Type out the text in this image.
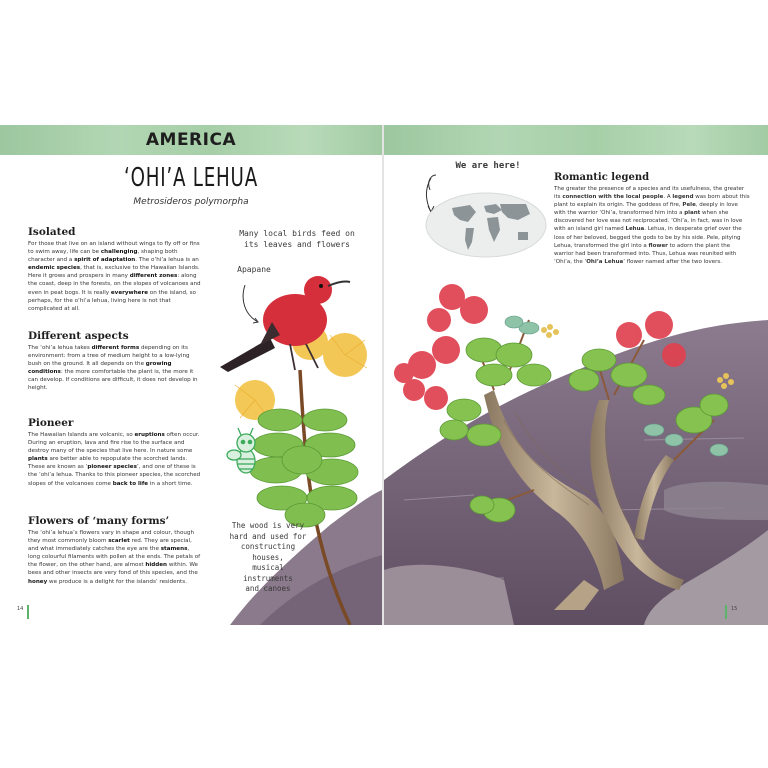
AMERICA
‘OHI’A LEHUA
Metrosideros polymorpha
Isolated

For those that live on an island without wings to fly off or fins to swim away, life can be challenging, shaping both character and a spirit of adaptation. The o’hi’a lehua is an endemic species, that is, exclusive to the Hawaiian Islands. Here it grows and prospers in many different zones: along the coast, deep in the forests, on the slopes of volcanoes and even in peat bogs. It is really everywhere on the island, so perhaps, for the o’hi’a lehua, living here is not that complicated at all.

Different aspects

The ‘ohi’a lehua takes different forms depending on its environment: from a tree of medium height to a low-lying bush on the ground. It all depends on the growing conditions: the more comfortable the plant is, the more it can develop. If conditions are difficult, it does not develop in height.

Pioneer

The Hawaiian Islands are volcanic, so eruptions often occur. During an eruption, lava and fire rise to the surface and destroy many of the species that live here. In nature some plants are better able to repopulate the scorched lands. These are known as ‘pioneer species’, and one of these is the ‘ohi’a lehua. Thanks to this pioneer species, the scorched slopes of the volcanoes come back to life in a short time.

Flowers of ‘many forms’

The ‘ohi’a lehua’s flowers vary in shape and colour, though they most commonly bloom scarlet red. They are special, and what immediately catches the eye are the stamens, long colourful filaments with pollen at the ends. The petals of the flower, on the other hand, are almost hidden within. We bees and other insects are very fond of this species, and the honey we produce is a delight for the islands’ residents.

Many local birds feed on
its leaves and flowers
Apapane
The wood is very
hard and used for
constructing houses,
musical instruments
and canoes
14
We are here!
Romantic legend

The greater the presence of a species and its usefulness, the greater its connection with the local people. A legend was born about this plant to explain its origin. The goddess of fire, Pele, deeply in love with the warrior ‘Ohi’a, transformed him into a plant when she discovered her love was not reciprocated. ‘Ohi’a, in fact, was in love with an island girl named Lehua. Lehua, in desperate grief over the loss of her beloved, begged the gods to be by his side. Pele, pitying Lehua, transformed the girl into a flower to adorn the plant the warrior had been transformed into. Thus, Lehua was reunited with ‘Ohi’a, the ‘Ohi’a Lehua’ flower named after the two lovers.

15
